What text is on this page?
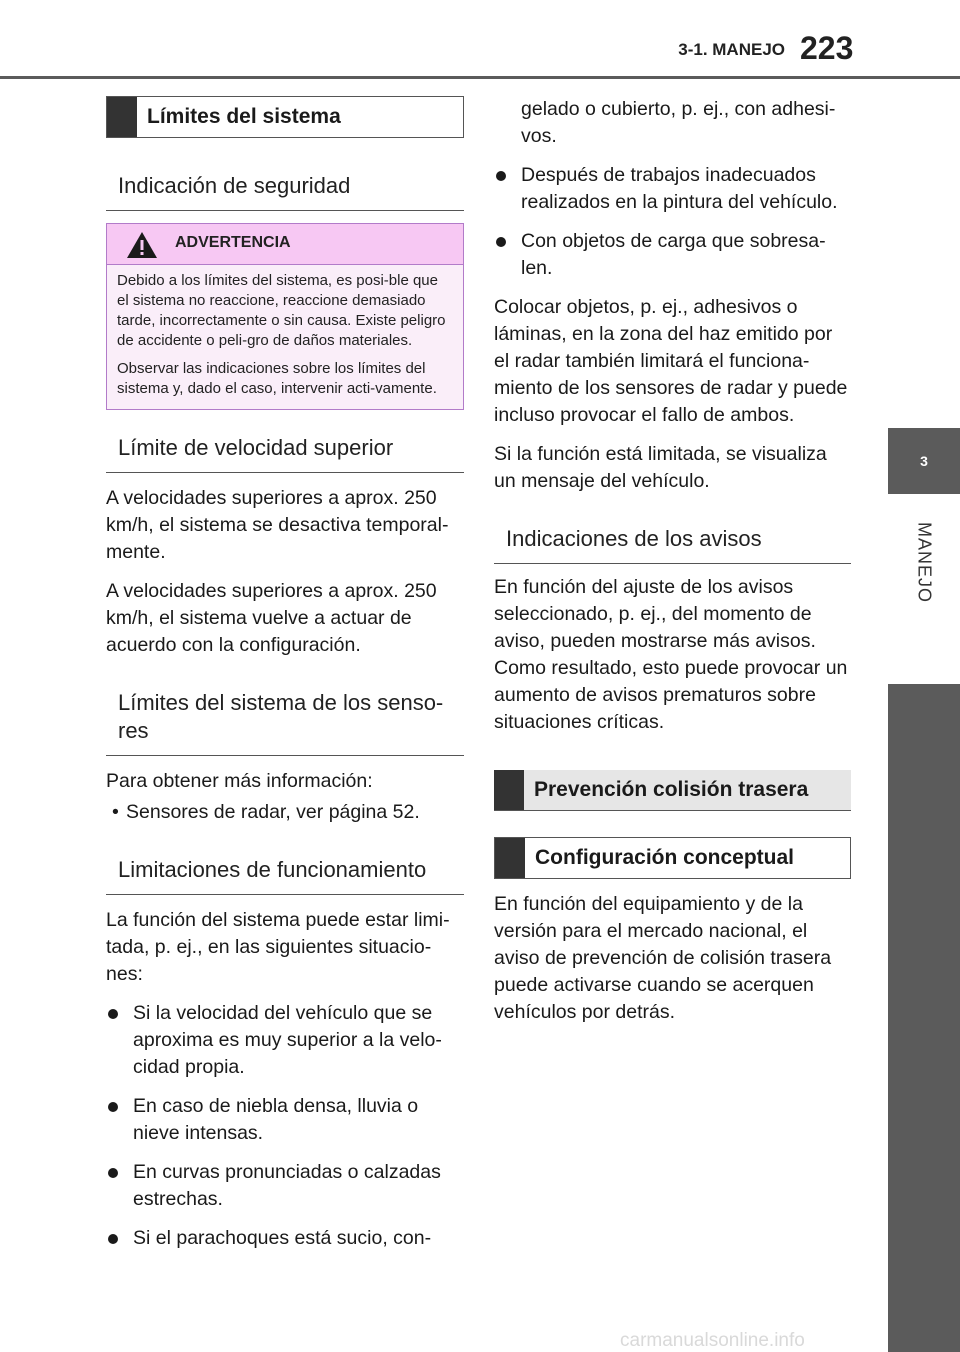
3-1. MANEJO 223
3
MANEJO
Límites del sistema
Indicación de seguridad
ADVERTENCIA

Debido a los límites del sistema, es posi-ble que el sistema no reaccione, reaccione demasiado tarde, incorrectamente o sin causa. Existe peligro de accidente o peli-gro de daños materiales.

Observar las indicaciones sobre los límites del sistema y, dado el caso, intervenir acti-vamente.

Límite de velocidad superior

A velocidades superiores a aprox. 250 km/h, el sistema se desactiva temporal-mente.

A velocidades superiores a aprox. 250 km/h, el sistema vuelve a actuar de acuerdo con la configuración.

Límites del sistema de los senso-res

Para obtener más información:

• Sensores de radar, ver página 52.
Limitaciones de funcionamiento

La función del sistema puede estar limi-tada, p. ej., en las siguientes situacio-nes:

Si la velocidad del vehículo que se aproxima es muy superior a la velo-cidad propia.
En caso de niebla densa, lluvia o nieve intensas.
En curvas pronunciadas o calzadas estrechas.
Si el parachoques está sucio, con-
gelado o cubierto, p. ej., con adhesi-vos.
Después de trabajos inadecuados realizados en la pintura del vehículo.
Con objetos de carga que sobresa-len.

Colocar objetos, p. ej., adhesivos o láminas, en la zona del haz emitido por el radar también limitará el funciona-miento de los sensores de radar y puede incluso provocar el fallo de ambos.

Si la función está limitada, se visualiza un mensaje del vehículo.

Indicaciones de los avisos

En función del ajuste de los avisos seleccionado, p. ej., del momento de aviso, pueden mostrarse más avisos. Como resultado, esto puede provocar un aumento de avisos prematuros sobre situaciones críticas.

Prevención colisión trasera
Configuración conceptual

En función del equipamiento y de la versión para el mercado nacional, el aviso de prevención de colisión trasera puede activarse cuando se acerquen vehículos por detrás.

carmanualsonline.info
